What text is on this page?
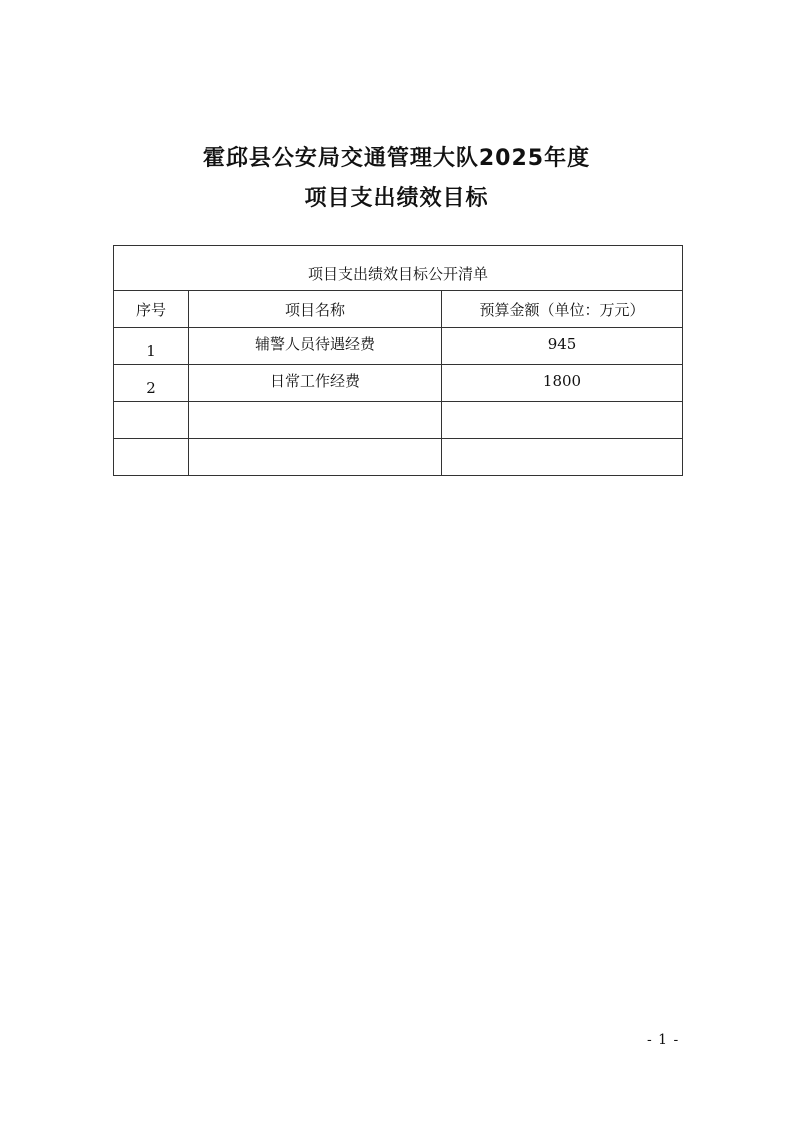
霍邱县公安局交通管理大队2025年度
项目支出绩效目标
项目支出绩效目标公开清单		
序号	项目名称	预算金额（单位：万元）
1	辅警人员待遇经费	945
2	日常工作经费	1800

- 1 -
